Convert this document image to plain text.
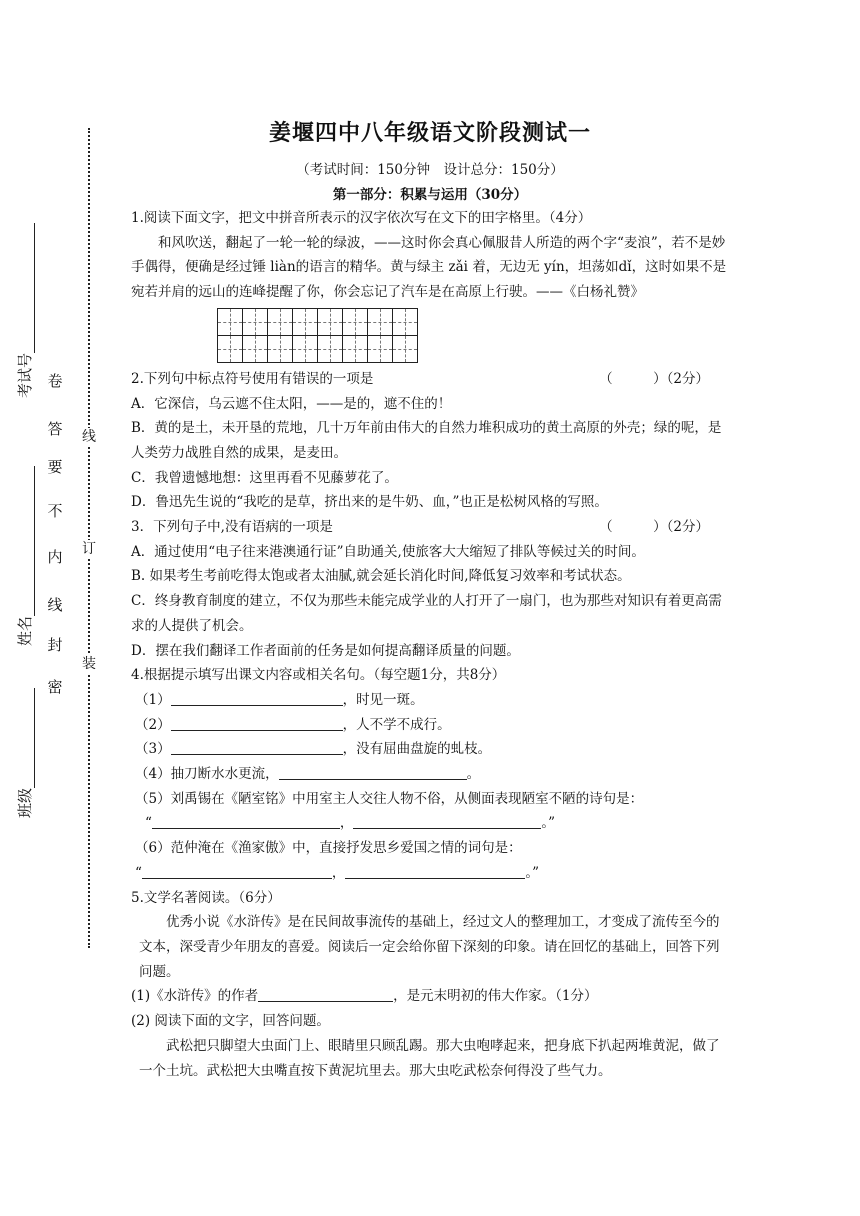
线
订
装
考试号
姓名
班级
卷
答
要
不
内
线
封
密
姜堰四中八年级语文阶段测试一
（考试时间：150分钟　设计总分：150分）
第一部分：积累与运用（30分）

1.阅读下面文字，把文中拼音所表示的汉字依次写在文下的田字格里。（4分）

和风吹送，翻起了一轮一轮的绿波，——这时你会真心佩服昔人所造的两个字“麦浪”，若不是妙手偶得，便确是经过锤 liàn的语言的精华。黄与绿主 zǎi 着，无边无 yín，坦荡如dǐ，这时如果不是宛若并肩的远山的连峰提醒了你，你会忘记了汽车是在高原上行驶。——《白杨礼赞》

2.下列句中标点符号使用有错误的一项是	（　　　）（2分）

A．它深信，乌云遮不住太阳，——是的，遮不住的！

B．黄的是土，未开垦的荒地，几十万年前由伟大的自然力堆积成功的黄土高原的外壳；绿的呢，是人类劳力战胜自然的成果，是麦田。

C．我曾遗憾地想：这里再看不见藤萝花了。

D．鲁迅先生说的“我吃的是草，挤出来的是牛奶、血，”也正是松树风格的写照。

3．下列句子中,没有语病的一项是	（　　　）（2分）

A．通过使用“电子往来港澳通行证”自助通关,使旅客大大缩短了排队等候过关的时间。

B. 如果考生考前吃得太饱或者太油腻,就会延长消化时间,降低复习效率和考试状态。

C．终身教育制度的建立，不仅为那些未能完成学业的人打开了一扇门，也为那些对知识有着更高需求的人提供了机会。

D．摆在我们翻译工作者面前的任务是如何提高翻译质量的问题。

4.根据提示填写出课文内容或相关名句。（每空题1分，共8分）

（1）	，时见一斑。

（2）	，人不学不成行。

（3）	，没有屈曲盘旋的虬枝。

（4）抽刀断水水更流，	。

（5）刘禹锡在《陋室铭》中用室主人交往人物不俗，从侧面表现陋室不陋的诗句是：

“	，	。”

（6）范仲淹在《渔家傲》中，直接抒发思乡爱国之情的词句是：

“	，	。”

5.文学名著阅读。（6分）

优秀小说《水浒传》是在民间故事流传的基础上，经过文人的整理加工，才变成了流传至今的文本，深受青少年朋友的喜爱。阅读后一定会给你留下深刻的印象。请在回忆的基础上，回答下列问题。

(1)《水浒传》的作者	，是元末明初的伟大作家。（1分）

(2) 阅读下面的文字，回答问题。

武松把只脚望大虫面门上、眼睛里只顾乱踢。那大虫咆哮起来，把身底下扒起两堆黄泥，做了一个土坑。武松把大虫嘴直按下黄泥坑里去。那大虫吃武松奈何得没了些气力。
